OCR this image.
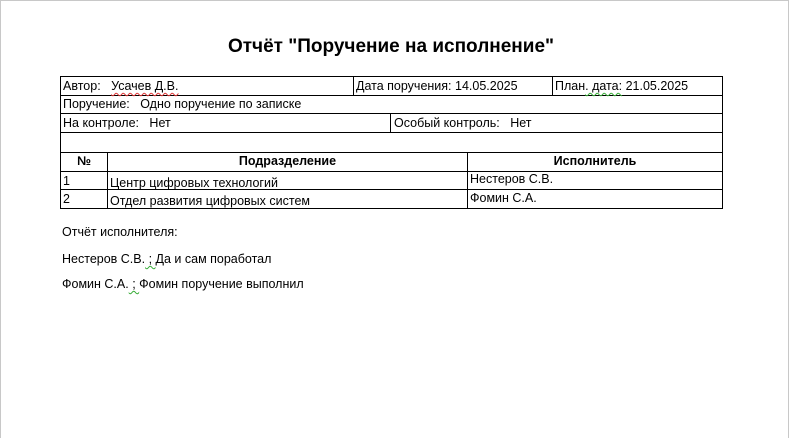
Отчёт "Поручение на исполнение"
Автор: Усачев Д.В.	Дата поручения: 14.05.2025	План. дата: 21.05.2025
Поручение: Одно поручение по записке
На контроле: Нет	Особый контроль: Нет
№	Подразделение	Исполнитель
1	Центр цифровых технологий	Нестеров С.В.
2	Отдел развития цифровых систем	Фомин С.А.
Отчёт исполнителя:
Нестеров С.В. ; Да и сам поработал
Фомин С.А. ; Фомин поручение выполнил
